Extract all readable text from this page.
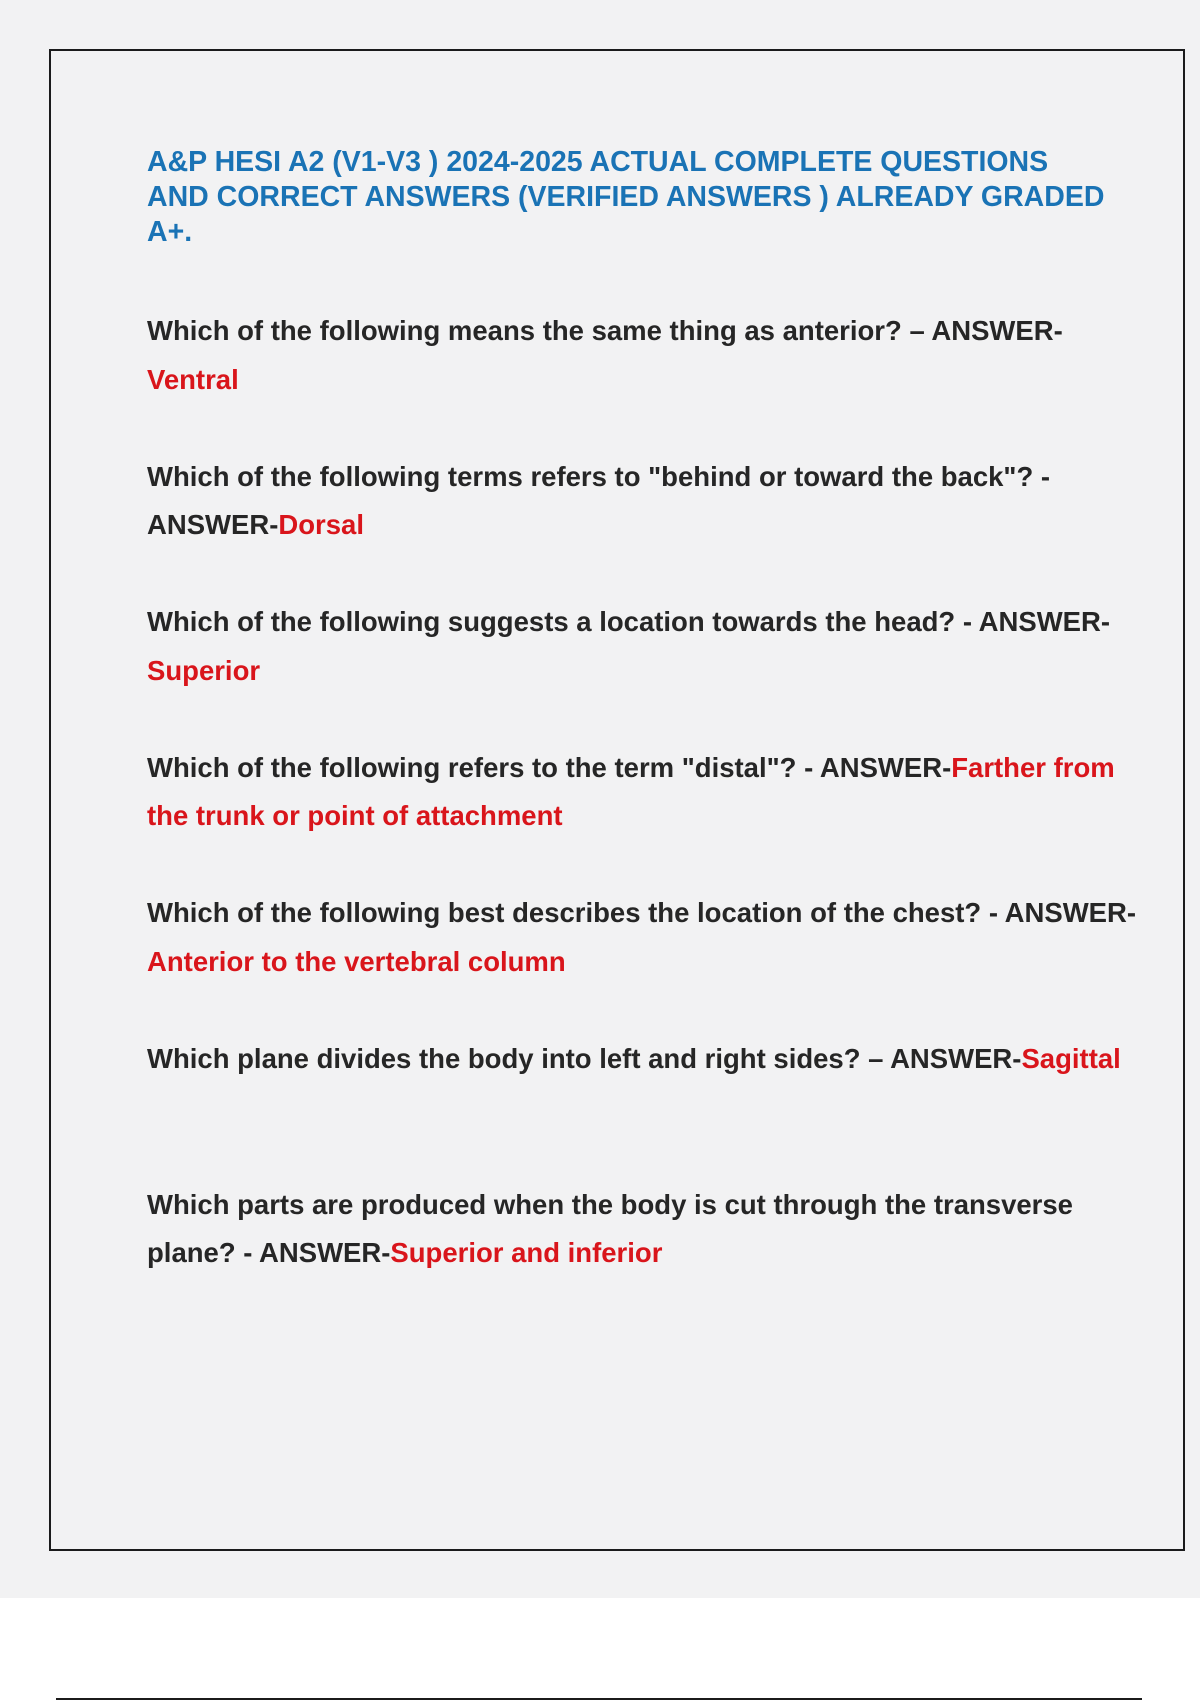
A&P HESI A2 (V1-V3 ) 2024-2025 ACTUAL COMPLETE QUESTIONS AND CORRECT ANSWERS (VERIFIED ANSWERS ) ALREADY GRADED A+.
Which of the following means the same thing as anterior? – ANSWER-Ventral
Which of the following terms refers to "behind or toward the back"? - ANSWER-Dorsal
Which of the following suggests a location towards the head? - ANSWER-Superior
Which of the following refers to the term "distal"? - ANSWER-Farther from the trunk or point of attachment
Which of the following best describes the location of the chest? - ANSWER-Anterior to the vertebral column
Which plane divides the body into left and right sides? – ANSWER-Sagittal
Which parts are produced when the body is cut through the transverse plane? - ANSWER-Superior and inferior
